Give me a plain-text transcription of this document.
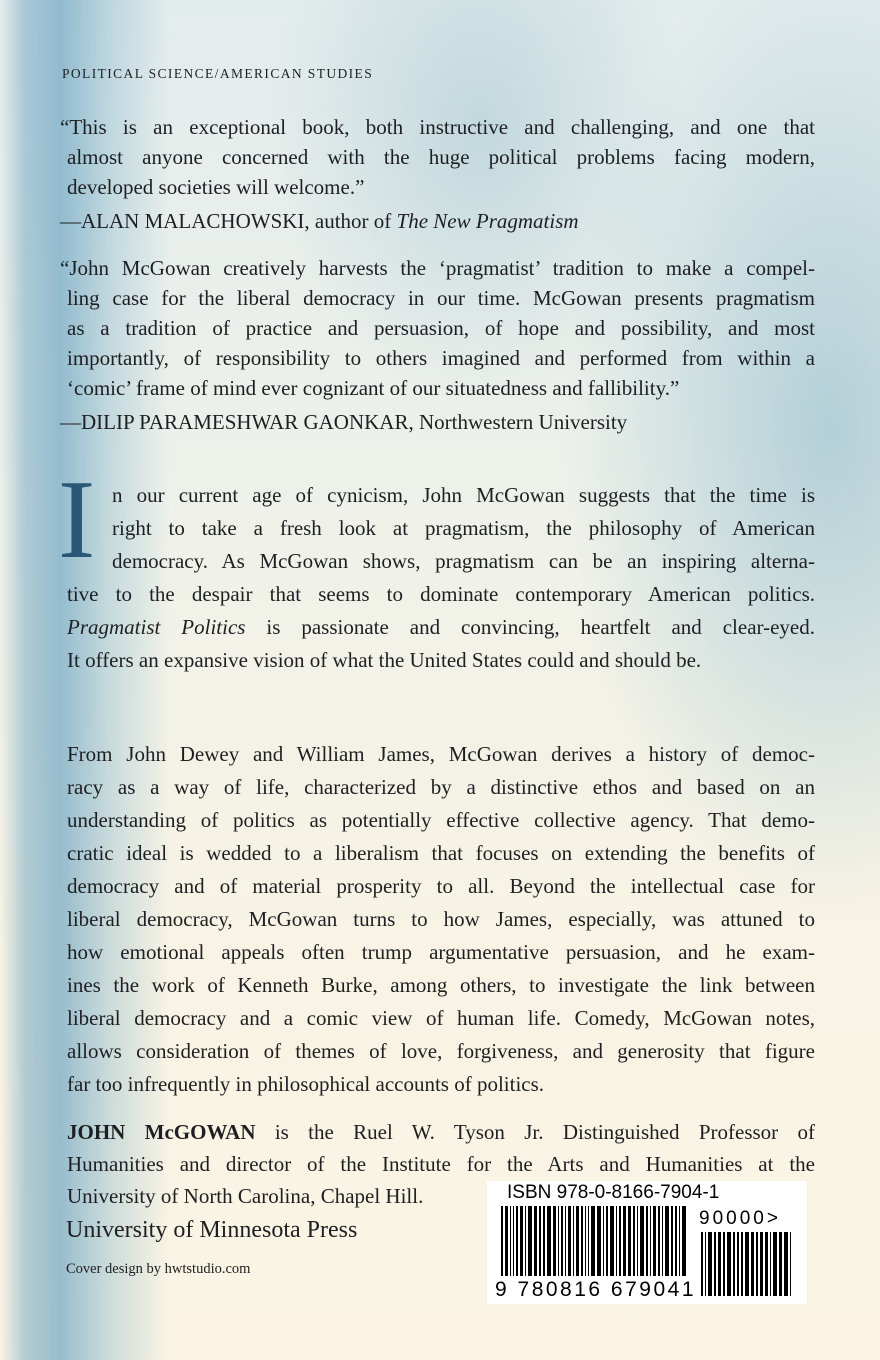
POLITICAL SCIENCE/AMERICAN STUDIES
“This is an exceptional book, both instructive and challenging, and one that
almost anyone concerned with the huge political problems facing modern,
developed societies will welcome.”
—ALAN MALACHOWSKI, author of The New Pragmatism
“John McGowan creatively harvests the ‘pragmatist’ tradition to make a compel-
ling case for the liberal democracy in our time. McGowan presents pragmatism
as a tradition of practice and persuasion, of hope and possibility, and most
importantly, of responsibility to others imagined and performed from within a
‘comic’ frame of mind ever cognizant of our situatedness and fallibility.”
—DILIP PARAMESHWAR GAONKAR, Northwestern University
I n our current age of cynicism, John McGowan suggests that the time is
right to take a fresh look at pragmatism, the philosophy of American
democracy. As McGowan shows, pragmatism can be an inspiring alterna-
tive to the despair that seems to dominate contemporary American politics.
Pragmatist Politics is passionate and convincing, heartfelt and clear-eyed.
It offers an expansive vision of what the United States could and should be.
From John Dewey and William James, McGowan derives a history of democ-
racy as a way of life, characterized by a distinctive ethos and based on an
understanding of politics as potentially effective collective agency. That demo-
cratic ideal is wedded to a liberalism that focuses on extending the benefits of
democracy and of material prosperity to all. Beyond the intellectual case for
liberal democracy, McGowan turns to how James, especially, was attuned to
how emotional appeals often trump argumentative persuasion, and he exam-
ines the work of Kenneth Burke, among others, to investigate the link between
liberal democracy and a comic view of human life. Comedy, McGowan notes,
allows consideration of themes of love, forgiveness, and generosity that figure
far too infrequently in philosophical accounts of politics.
JOHN McGOWAN is the Ruel W. Tyson Jr. Distinguished Professor of
Humanities and director of the Institute for the Arts and Humanities at the
University of North Carolina, Chapel Hill.
University of Minnesota Press
Cover design by hwtstudio.com
ISBN 978-0-8166-7904-1
90000>
9 780816 679041
